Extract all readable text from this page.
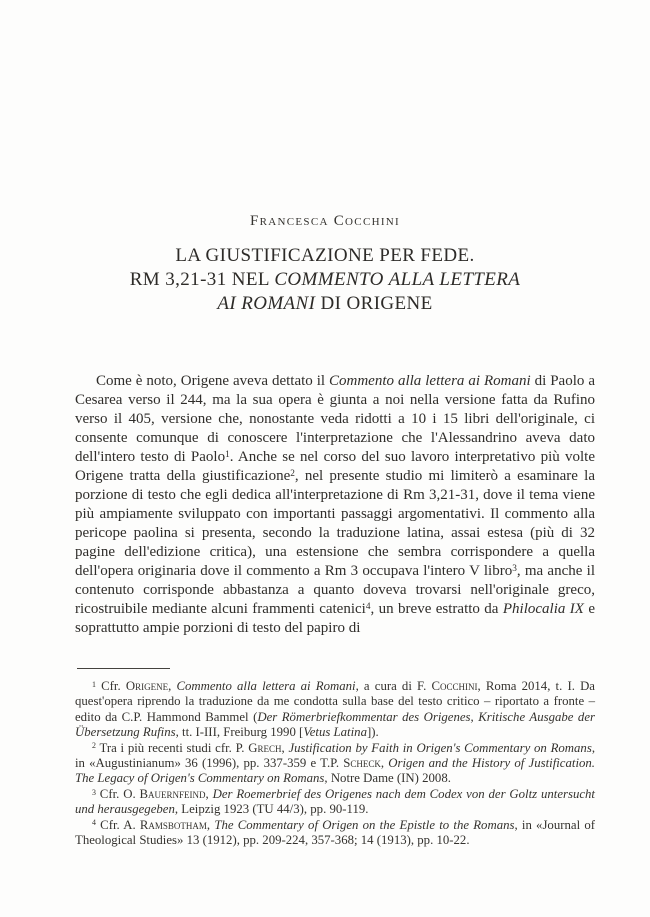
Francesca Cocchini
LA GIUSTIFICAZIONE PER FEDE.
RM 3,21-31 NEL COMMENTO ALLA LETTERA
AI ROMANI DI ORIGENE

Come è noto, Origene aveva dettato il Commento alla lettera ai Romani di Paolo a Cesarea verso il 244, ma la sua opera è giunta a noi nella versione fatta da Rufino verso il 405, versione che, nonostante veda ridotti a 10 i 15 libri dell'originale, ci consente comunque di conoscere l'interpretazione che l'Alessandrino aveva dato dell'intero testo di Paolo$^1$. Anche se nel corso del suo lavoro interpretativo più volte Origene tratta della giustificazione$^2$, nel presente studio mi limiterò a esaminare la porzione di testo che egli dedica all'interpretazione di Rm 3,21-31, dove il tema viene più ampiamente sviluppato con importanti passaggi argomentativi. Il commento alla pericope paolina si presenta, secondo la traduzione latina, assai estesa (più di 32 pagine dell'edizione critica), una estensione che sembra corrispondere a quella dell'opera originaria dove il commento a Rm 3 occupava l'intero V libro$^3$, ma anche il contenuto corrisponde abbastanza a quanto doveva trovarsi nell'originale greco, ricostruibile mediante alcuni frammenti catenici$^4$, un breve estratto da Philocalia IX e soprattutto ampie porzioni di testo del papiro di

$^1$ Cfr. Origene, Commento alla lettera ai Romani, a cura di F. Cocchini, Roma 2014, t. I. Da quest'opera riprendo la traduzione da me condotta sulla base del testo critico – riportato a fronte – edito da C.P. Hammond Bammel (Der Römerbriefkommentar des Origenes, Kritische Ausgabe der Übersetzung Rufins, tt. I-III, Freiburg 1990 [Vetus Latina]).

$^2$ Tra i più recenti studi cfr. P. Grech, Justification by Faith in Origen's Commentary on Romans, in «Augustinianum» 36 (1996), pp. 337-359 e T.P. Scheck, Origen and the History of Justification. The Legacy of Origen's Commentary on Romans, Notre Dame (IN) 2008.

$^3$ Cfr. O. Bauernfeind, Der Roemerbrief des Origenes nach dem Codex von der Goltz untersucht und herausgegeben, Leipzig 1923 (TU 44/3), pp. 90-119.

$^4$ Cfr. A. Ramsbotham, The Commentary of Origen on the Epistle to the Romans, in «Journal of Theological Studies» 13 (1912), pp. 209-224, 357-368; 14 (1913), pp. 10-22.
